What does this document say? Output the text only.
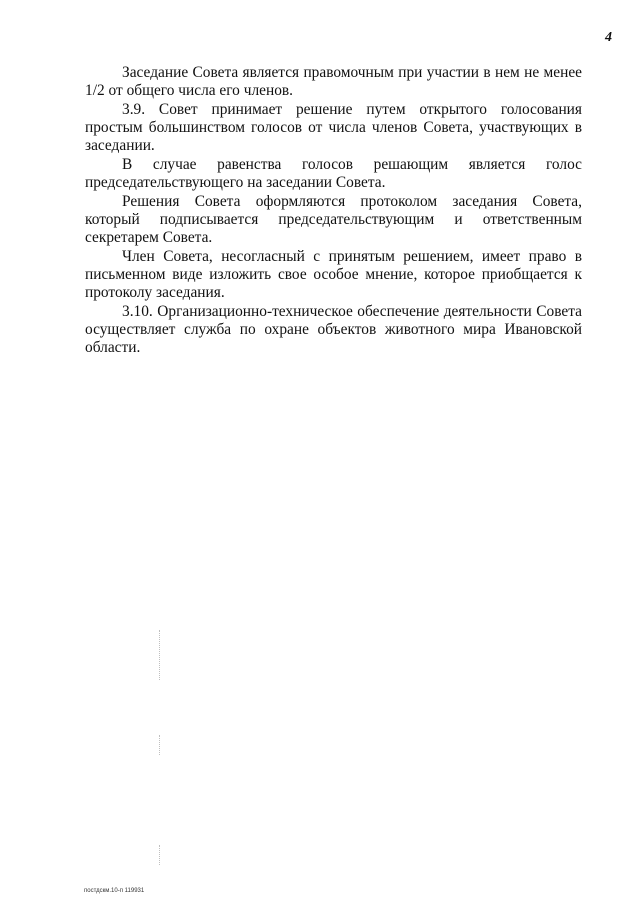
4

Заседание Совета является правомочным при участии в нем не менее 1/2 от общего числа его членов.

3.9. Совет принимает решение путем открытого голосования простым большинством голосов от числа членов Совета, участвующих в заседании.

В случае равенства голосов решающим является голос председательствующего на заседании Совета.

Решения Совета оформляются протоколом заседания Совета, который подписывается председательствующим и ответственным секретарем Совета.

Член Совета, несогласный с принятым решением, имеет право в письменном виде изложить свое особое мнение, которое приобщается к протоколу заседания.

3.10. Организационно-техническое обеспечение деятельности Совета осуществляет служба по охране объектов животного мира Ивановской области.

постдскм.10-п 119931
